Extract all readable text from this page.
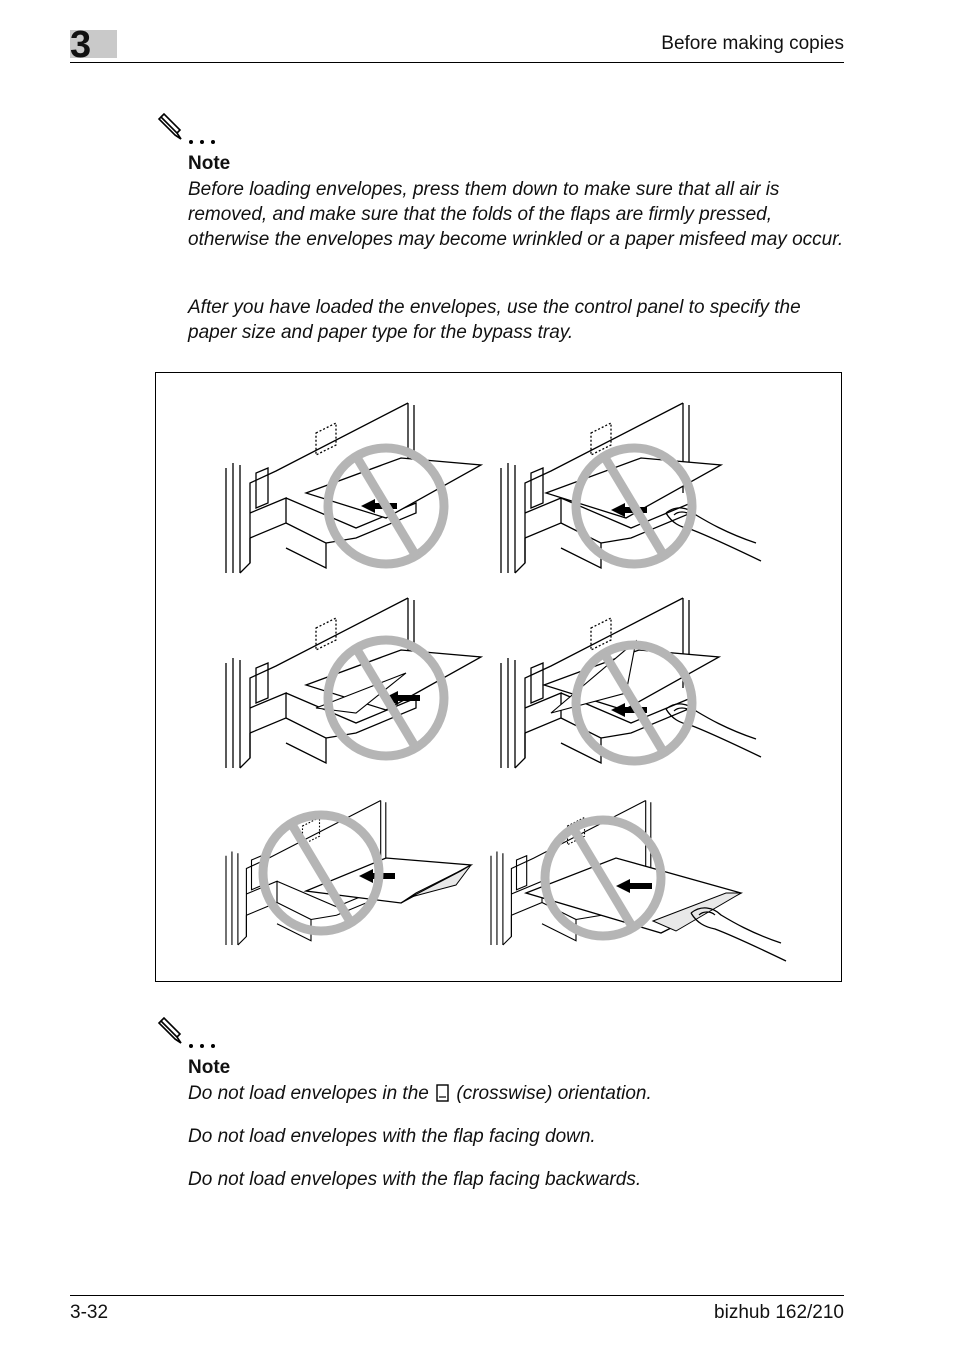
3	Before making copies
Note

Before loading envelopes, press them down to make sure that all air is removed, and make sure that the folds of the flaps are firmly pressed, otherwise the envelopes may become wrinkled or a paper misfeed may occur.

After you have loaded the envelopes, use the control panel to specify the paper size and paper type for the bypass tray.

Note

Do not load envelopes in the (crosswise) orientation.

Do not load envelopes with the flap facing down.

Do not load envelopes with the flap facing backwards.

3-32	bizhub 162/210
